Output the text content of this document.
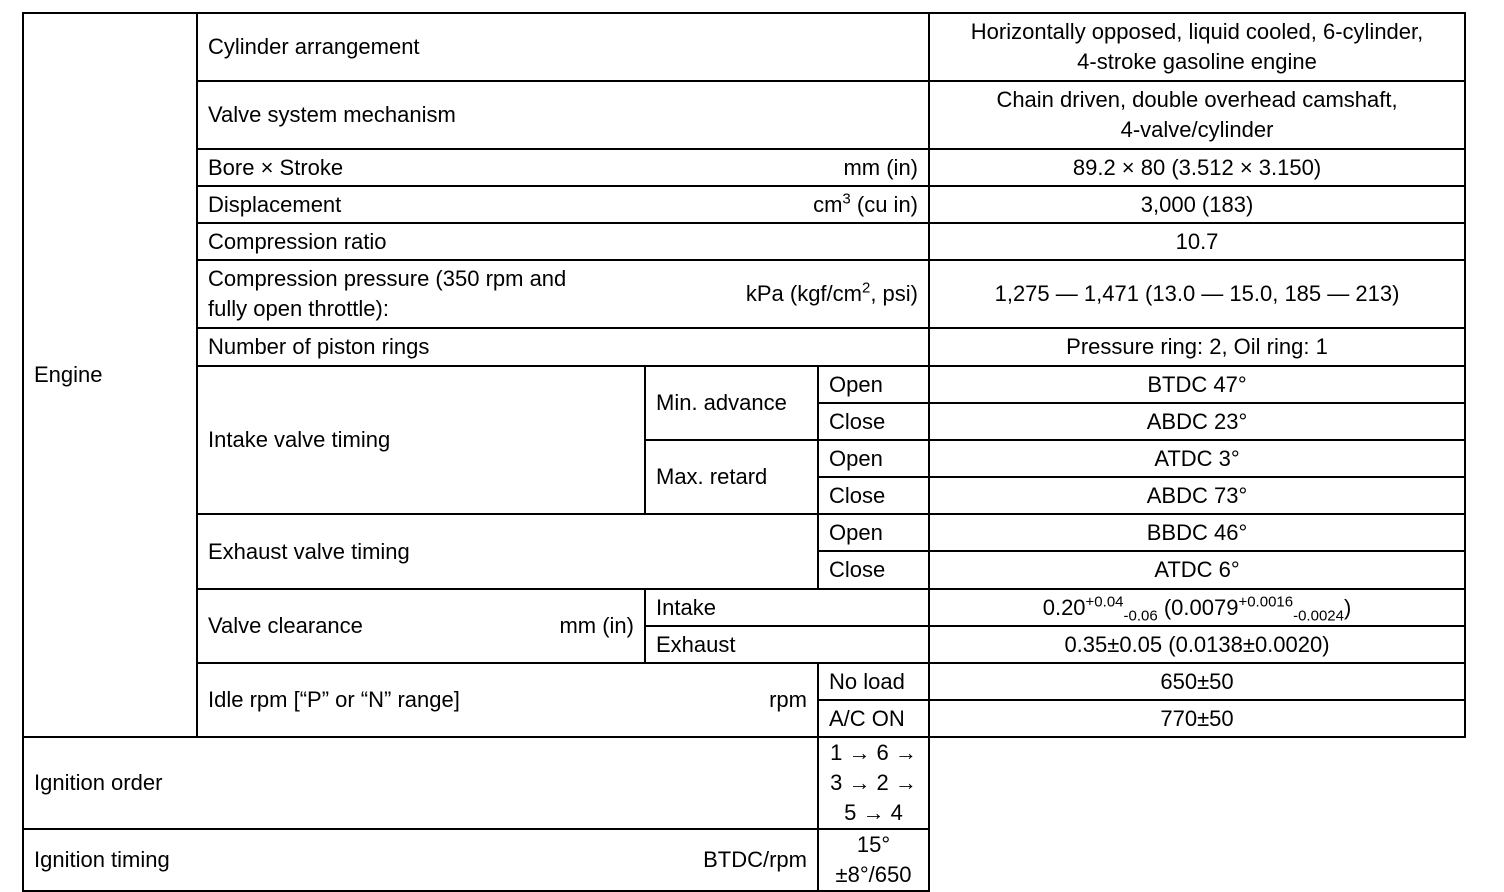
Engine	Cylinder arrangement			Horizontally opposed, liquid cooled, 6-cylinder,
4-stroke gasoline engine
	Valve system mechanism			Chain driven, double overhead camshaft,
4-valve/cylinder

	Bore × Stroke mm (in)			89.2 × 80 (3.512 × 3.150)

	Displacement $cm^3$ (cu in)			3,000 (183)
	Compression ratio			10.7

	Compression pressure (350 rpm and
fully open throttle):
kPa ($kgf/cm^2$, psi)			1,275 — 1,471 (13.0 — 15.0, 185 — 213)
	Number of piston rings			Pressure ring: 2, Oil ring: 1
	Intake valve timing	Min. advance	Open	BTDC 47°
			Close	ABDC 23°
		Max. retard	Open	ATDC 3°
			Close	ABDC 73°
	Exhaust valve timing		Open	BBDC 46°
			Close	ATDC 6°

	Valve clearance mm (in)	Intake		$0.20^{+0.04}_{-0.06}$ $(0.0079^{+0.0016}_{-0.0024})$
		Exhaust		0.35±0.05 (0.0138±0.0020)

	Idle rpm [“P” or “N” range] rpm		No load	650±50
			A/C ON	770±50
Ignition order			1 → 6 → 3 → 2 → 5 → 4	

Ignition timing BTDC/rpm			15°±8°/650	
